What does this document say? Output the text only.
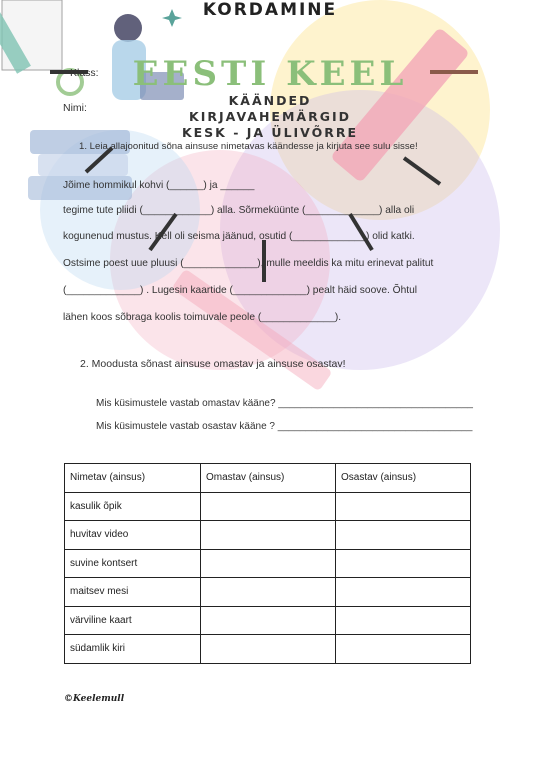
KORDAMINE
EESTI KEEL
KÄÄNDED
KIRJAVAHEMÄRGID
KESK - JA ÜLIVÕRRE
Klass:
Nimi:
1. Leia allajoonitud sõna ainsuse nimetavas käändesse ja kirjuta see sulu sisse!
Jõime hommikul kohvi (______) ja ______
tegime tute pliidi (____________) alla. Sõrmeküünte (_____________) alla oli
kogunenud mustus. Kell oli seisma jäänud, osutid (_____________) olid katki.
Ostsime poest uue pluusi (_____________), mulle meeldis ka mitu erinevat palitut
(_____________) . Lugesin kaartide (_____________) pealt häid soove. Õhtul
lähen koos sõbraga koolis toimuvale peole (_____________).
2. Moodusta sõnast ainsuse omastav ja ainsuse osastav!
Mis küsimustele vastab omastav kääne? ___________________________________
Mis küsimustele vastab osastav kääne ? ___________________________________
Nimetav (ainsus)	Omastav (ainsus)	Osastav (ainsus)
kasulik õpik		
huvitav video		
suvine kontsert		
maitsev mesi		
värviline kaart		
südamlik kiri		
©Keelemull
